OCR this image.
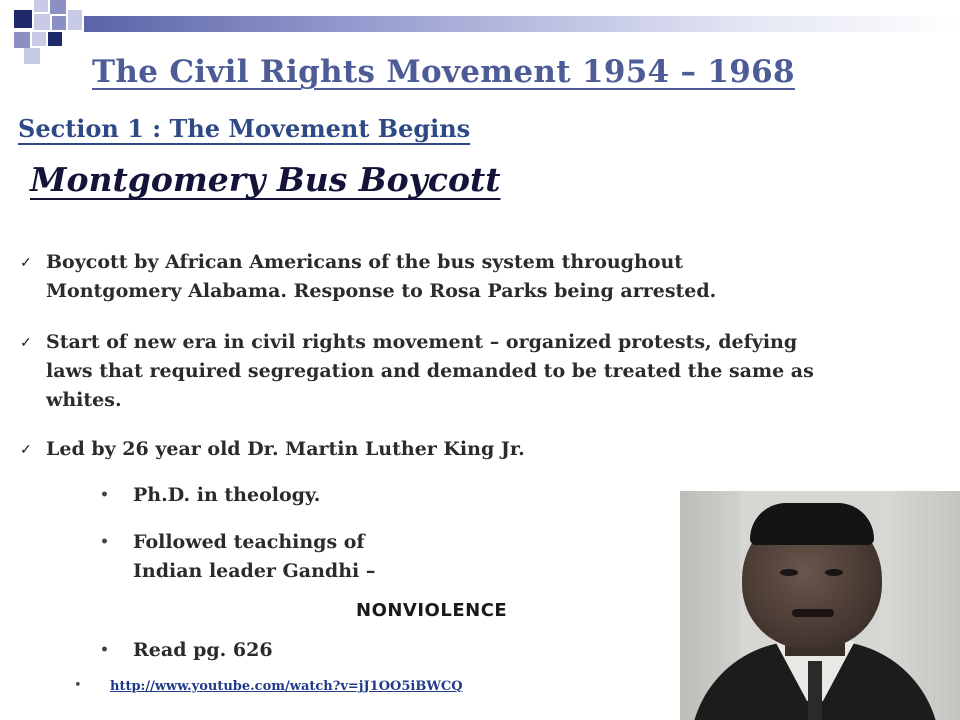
The Civil Rights Movement 1954 – 1968
Section 1 : The Movement Begins
Montgomery Bus Boycott
✓ Boycott by African Americans of the bus system throughout
Montgomery Alabama. Response to Rosa Parks being arrested.
✓ Start of new era in civil rights movement – organized protests, defying
laws that required segregation and demanded to be treated the same as
whites.
✓ Led by 26 year old Dr. Martin Luther King Jr.
• Ph.D. in theology.
• Followed teachings of
Indian leader Gandhi –
NONVIOLENCE
• Read pg. 626
• http://www.youtube.com/watch?v=jJ1OO5iBWCQ
